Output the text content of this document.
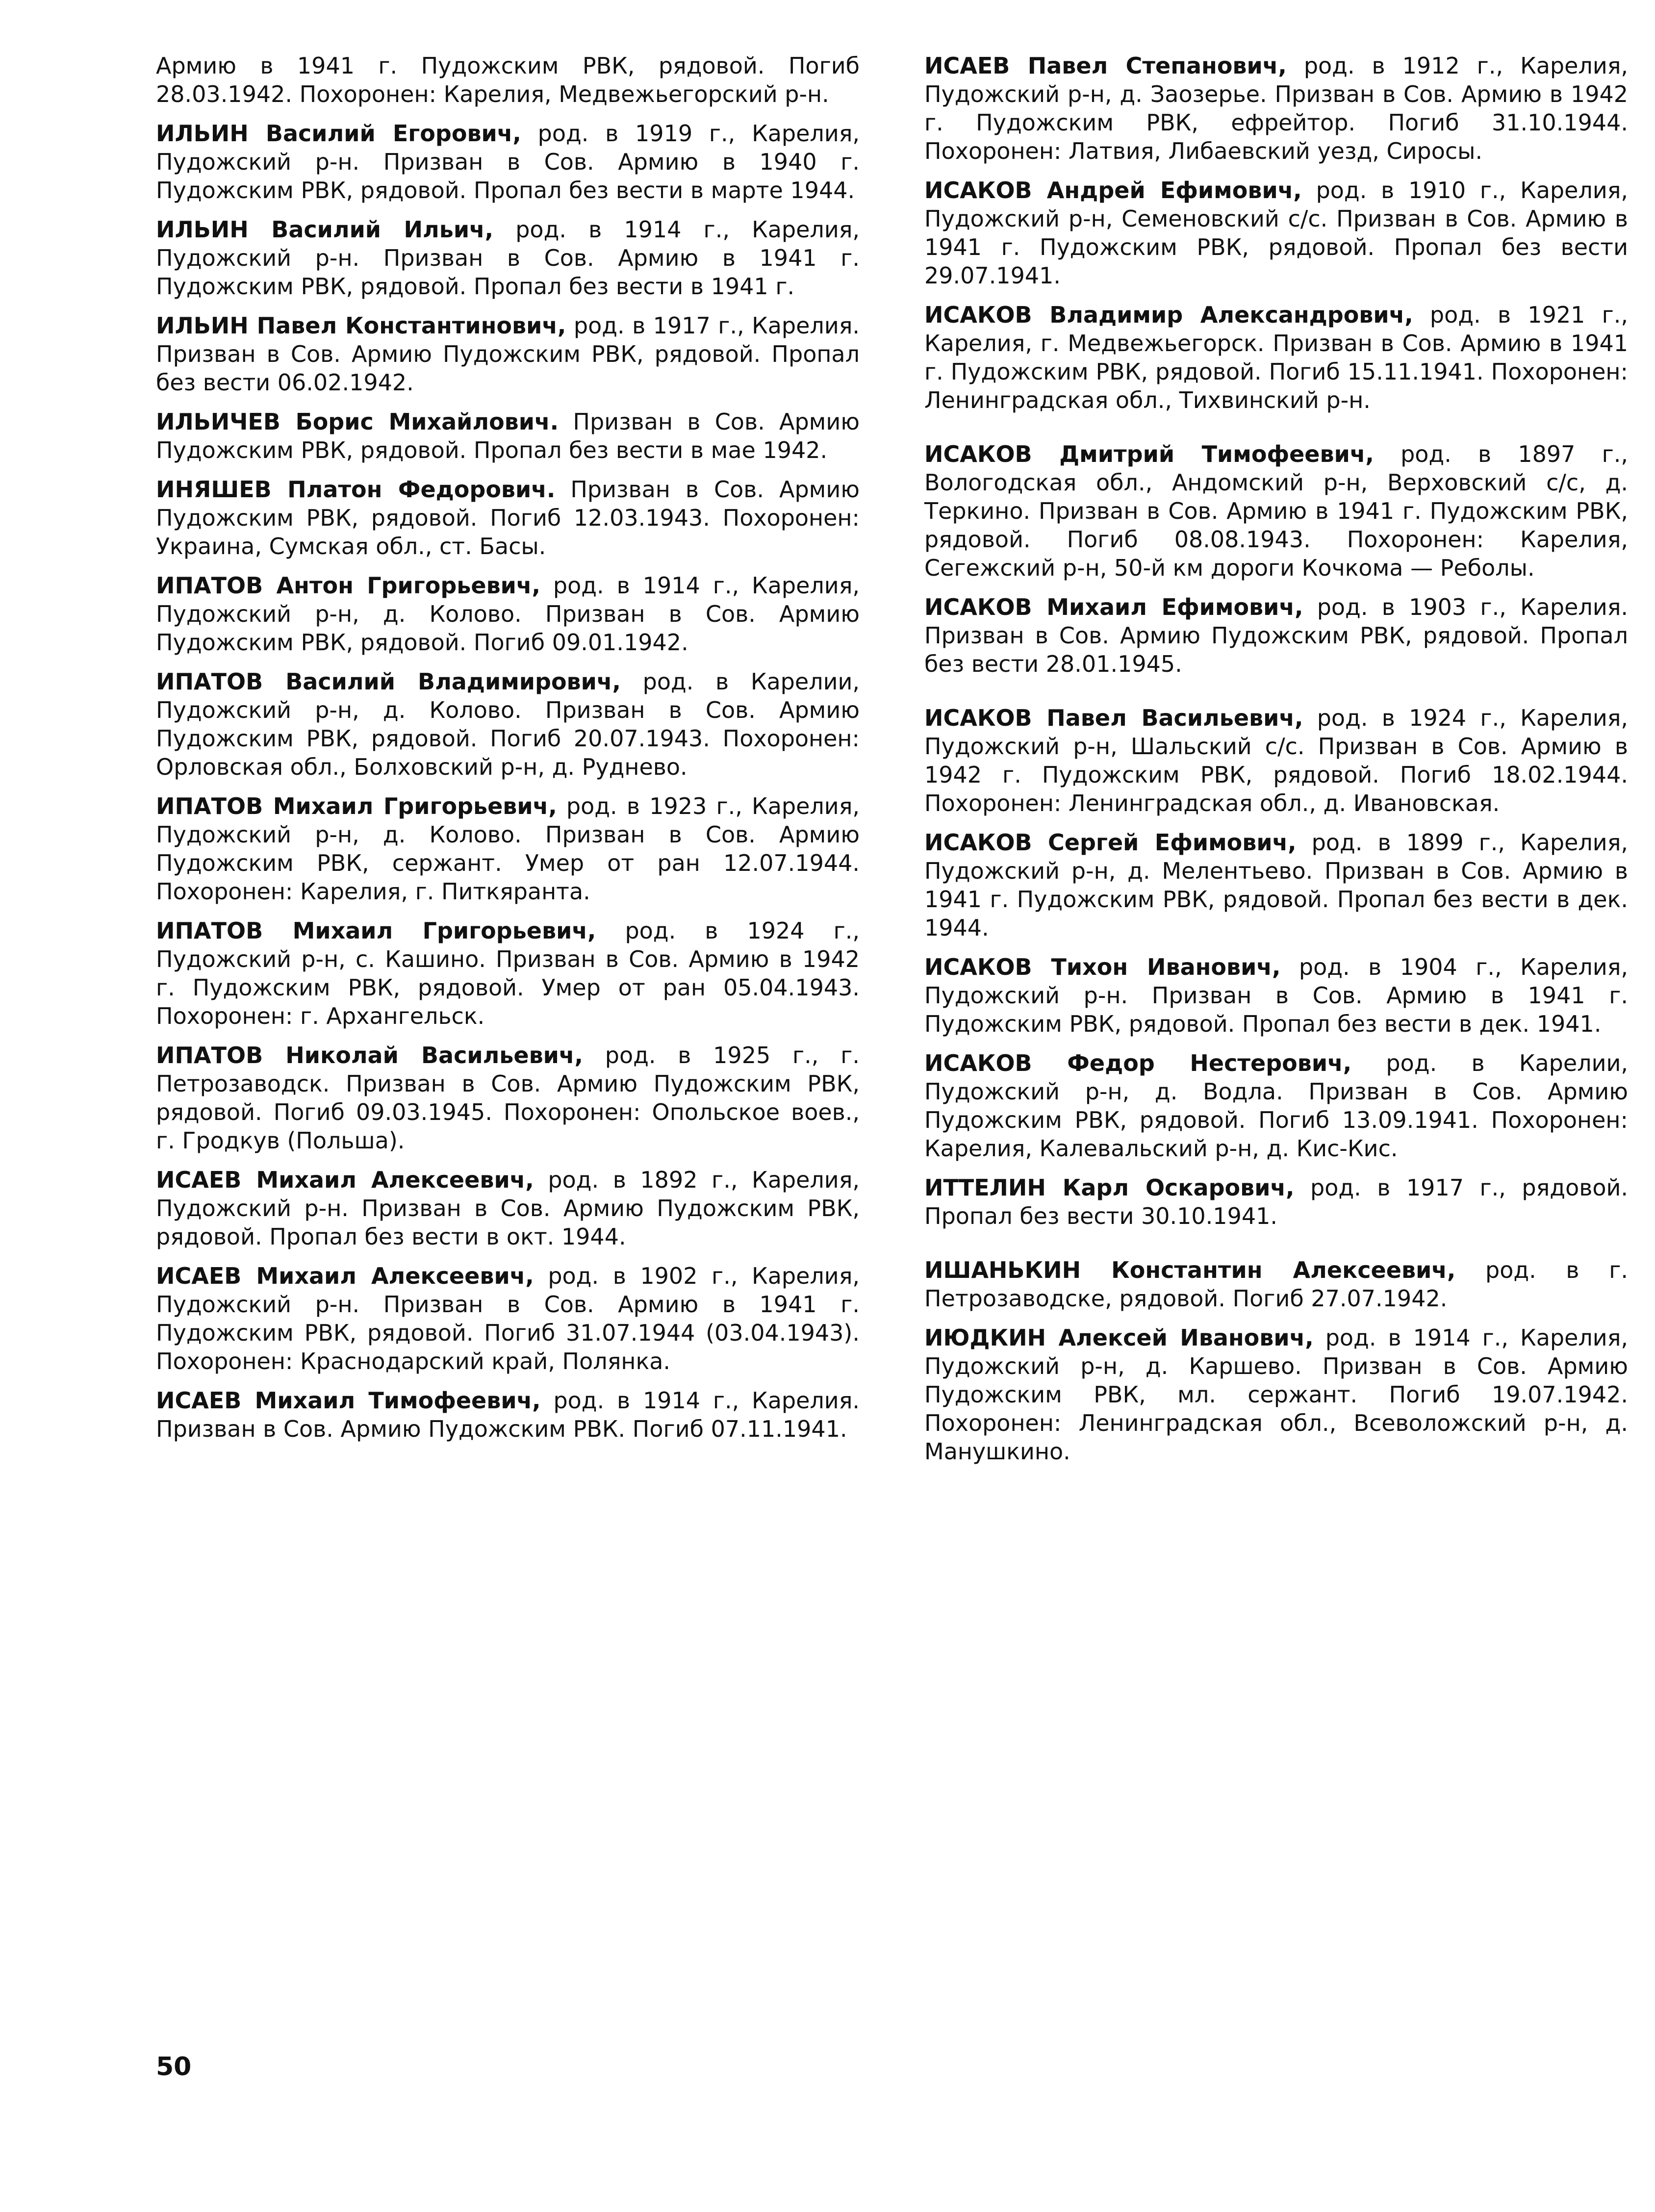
Армию в 1941 г. Пудожским РВК, рядовой. Погиб 28.03.1942. Похоронен: Карелия, Медвежьегорский р-н.

ИЛЬИН Василий Егорович, род. в 1919 г., Карелия, Пудожский р-н. Призван в Сов. Армию в 1940 г. Пудожским РВК, рядовой. Пропал без вести в марте 1944.

ИЛЬИН Василий Ильич, род. в 1914 г., Карелия, Пудожский р-н. Призван в Сов. Армию в 1941 г. Пудожским РВК, рядовой. Пропал без вести в 1941 г.

ИЛЬИН Павел Константинович, род. в 1917 г., Карелия. Призван в Сов. Армию Пудожским РВК, рядовой. Пропал без вести 06.02.1942.

ИЛЬИЧЕВ Борис Михайлович. Призван в Сов. Армию Пудожским РВК, рядовой. Пропал без вести в мае 1942.

ИНЯШЕВ Платон Федорович. Призван в Сов. Армию Пудожским РВК, рядовой. Погиб 12.03.1943. Похоронен: Украина, Сумская обл., ст. Басы.

ИПАТОВ Антон Григорьевич, род. в 1914 г., Карелия, Пудожский р-н, д. Колово. Призван в Сов. Армию Пудожским РВК, рядовой. Погиб 09.01.1942.

ИПАТОВ Василий Владимирович, род. в Карелии, Пудожский р-н, д. Колово. Призван в Сов. Армию Пудожским РВК, рядовой. Погиб 20.07.1943. Похоронен: Орловская обл., Болховский р-н, д. Руднево.

ИПАТОВ Михаил Григорьевич, род. в 1923 г., Карелия, Пудожский р-н, д. Колово. Призван в Сов. Армию Пудожским РВК, сержант. Умер от ран 12.07.1944. Похоронен: Карелия, г. Питкяранта.

ИПАТОВ Михаил Григорьевич, род. в 1924 г., Пудожский р-н, с. Кашино. Призван в Сов. Армию в 1942 г. Пудожским РВК, рядовой. Умер от ран 05.04.1943. Похоронен: г. Архангельск.

ИПАТОВ Николай Васильевич, род. в 1925 г., г. Петрозаводск. Призван в Сов. Армию Пудожским РВК, рядовой. Погиб 09.03.1945. Похоронен: Опольское воев., г. Гродкув (Польша).

ИСАЕВ Михаил Алексеевич, род. в 1892 г., Карелия, Пудожский р-н. Призван в Сов. Армию Пудожским РВК, рядовой. Пропал без вести в окт. 1944.

ИСАЕВ Михаил Алексеевич, род. в 1902 г., Карелия, Пудожский р-н. Призван в Сов. Армию в 1941 г. Пудожским РВК, рядовой. Погиб 31.07.1944 (03.04.1943). Похоронен: Краснодарский край, Полянка.

ИСАЕВ Михаил Тимофеевич, род. в 1914 г., Карелия. Призван в Сов. Армию Пудожским РВК. Погиб 07.11.1941.

ИСАЕВ Павел Степанович, род. в 1912 г., Карелия, Пудожский р-н, д. Заозерье. Призван в Сов. Армию в 1942 г. Пудожским РВК, ефрейтор. Погиб 31.10.1944. Похоронен: Латвия, Либаевский уезд, Сиросы.

ИСАКОВ Андрей Ефимович, род. в 1910 г., Карелия, Пудожский р-н, Семеновский с/с. Призван в Сов. Армию в 1941 г. Пудожским РВК, рядовой. Пропал без вести 29.07.1941.

ИСАКОВ Владимир Александрович, род. в 1921 г., Карелия, г. Медвежьегорск. Призван в Сов. Армию в 1941 г. Пудожским РВК, рядовой. Погиб 15.11.1941. Похоронен: Ленинградская обл., Тихвинский р-н.

ИСАКОВ Дмитрий Тимофеевич, род. в 1897 г., Вологодская обл., Андомский р-н, Верховский с/с, д. Теркино. Призван в Сов. Армию в 1941 г. Пудожским РВК, рядовой. Погиб 08.08.1943. Похоронен: Карелия, Сегежский р-н, 50-й км дороги Кочкома — Реболы.

ИСАКОВ Михаил Ефимович, род. в 1903 г., Карелия. Призван в Сов. Армию Пудожским РВК, рядовой. Пропал без вести 28.01.1945.

ИСАКОВ Павел Васильевич, род. в 1924 г., Карелия, Пудожский р-н, Шальский с/с. Призван в Сов. Армию в 1942 г. Пудожским РВК, рядовой. Погиб 18.02.1944. Похоронен: Ленинградская обл., д. Ивановская.

ИСАКОВ Сергей Ефимович, род. в 1899 г., Карелия, Пудожский р-н, д. Мелентьево. Призван в Сов. Армию в 1941 г. Пудожским РВК, рядовой. Пропал без вести в дек. 1944.

ИСАКОВ Тихон Иванович, род. в 1904 г., Карелия, Пудожский р-н. Призван в Сов. Армию в 1941 г. Пудожским РВК, рядовой. Пропал без вести в дек. 1941.

ИСАКОВ Федор Нестерович, род. в Карелии, Пудожский р-н, д. Водла. Призван в Сов. Армию Пудожским РВК, рядовой. Погиб 13.09.1941. Похоронен: Карелия, Калевальский р-н, д. Кис-Кис.

ИТТЕЛИН Карл Оскарович, род. в 1917 г., рядовой. Пропал без вести 30.10.1941.

ИШАНЬКИН Константин Алексеевич, род. в г. Петрозаводске, рядовой. Погиб 27.07.1942.

ИЮДКИН Алексей Иванович, род. в 1914 г., Карелия, Пудожский р-н, д. Каршево. Призван в Сов. Армию Пудожским РВК, мл. сержант. Погиб 19.07.1942. Похоронен: Ленинградская обл., Всеволожский р-н, д. Манушкино.

50
